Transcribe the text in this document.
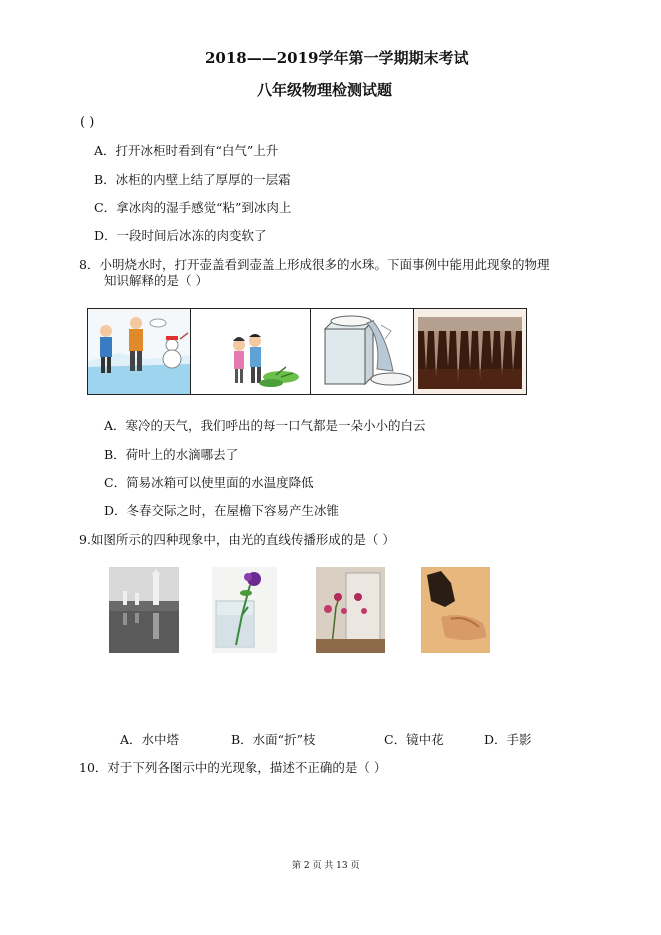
2018——2019学年第一学期期末考试
八年级物理检测试题
( )
A．打开冰柜时看到有“白气”上升
B．冰柜的内壁上结了厚厚的一层霜
C．拿冰肉的湿手感觉“粘”到冰肉上
D．一段时间后冰冻的肉变软了
8．小明烧水时，打开壶盖看到壶盖上形成很多的水珠。下面事例中能用此现象的物理
知识解释的是（ ）
A．寒冷的天气，我们呼出的每一口气都是一朵小小的白云
B．荷叶上的水滴哪去了
C．简易冰箱可以使里面的水温度降低
D．冬春交际之时，在屋檐下容易产生冰锥
9.如图所示的四种现象中，由光的直线传播形成的是（ ）
A．水中塔	B．水面“折”枝	C．镜中花	D．手影
10．对于下列各图示中的光现象，描述不正确的是（ ）
第 2 页 共 13 页
